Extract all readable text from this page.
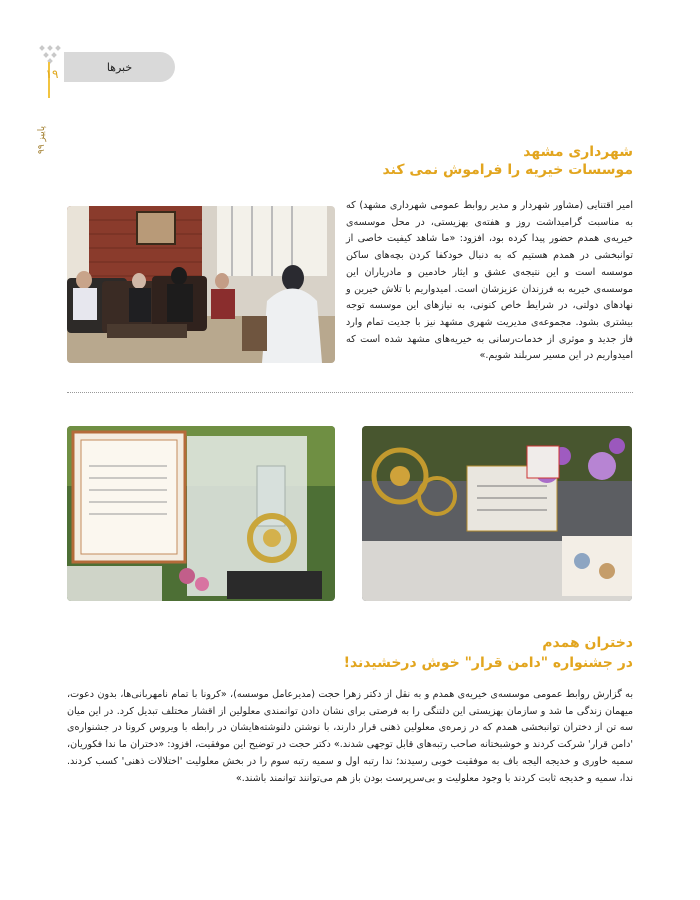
۱۹
پاییز ۹۹
خبرها
شهرداری مشهد
موسسات خیریه را فراموش نمی کند
امیر اقتنایی (مشاور شهردار و مدیر روابط عمومی شهرداری مشهد) که به مناسبت گرامیداشت روز و هفته‌ی بهزیستی، در محل موسسه‌ی خیریه‌ی همدم حضور پیدا کرده بود، افزود: «ما شاهد کیفیت خاصی از توانبخشی در همدم هستیم که به دنبال خودکفا کردن بچه‌های ساکن موسسه است و این نتیجه‌ی عشق و ایثار خادمین و مادریاران این موسسه‌ی خیریه به فرزندان عزیزشان است. امیدواریم با تلاش خیرین و نهادهای دولتی، در شرایط خاص کنونی، به نیازهای این موسسه توجه بیشتری بشود. مجموعه‌ی مدیریت شهری مشهد نیز با جدیت تمام وارد فاز جدید و موثری از خدمات‌رسانی به خیریه‌های مشهد شده است که امیدواریم در این مسیر سربلند شویم.»
دختران همدم
در جشنواره "دامن قرار" خوش درخشیدند!
به گزارش روابط عمومی موسسه‌ی خیریه‌ی همدم و به نقل از دکتر زهرا حجت (مدیرعامل موسسه)، «کرونا با تمام نامهربانی‌ها، بدون دعوت، میهمان زندگی ما شد و سازمان بهزیستی این دلتنگی را به فرصتی برای نشان دادن توانمندی معلولین از اقشار مختلف تبدیل کرد. در این میان سه تن از دختران توانبخشی همدم که در زمره‌ی معلولین ذهنی قرار دارند، با نوشتن دلنوشته‌هایشان در رابطه با ویروس کرونا در جشنواره‌ی 'دامن قرار' شرکت کردند و خوشبختانه صاحب رتبه‌های قابل توجهی شدند.» دکتر حجت در توضیح این موفقیت، افزود: «دختران ما ندا فکوریان، سمیه خاوری و خدیجه الیجه باف به موفقیت خوبی رسیدند؛ ندا رتبه اول و سمیه رتبه سوم را در بخش معلولیت 'اختلالات ذهنی' کسب کردند. ندا، سمیه و خدیجه ثابت کردند با وجود معلولیت و بی‌سرپرست بودن باز هم می‌توانند توانمند باشند.»
